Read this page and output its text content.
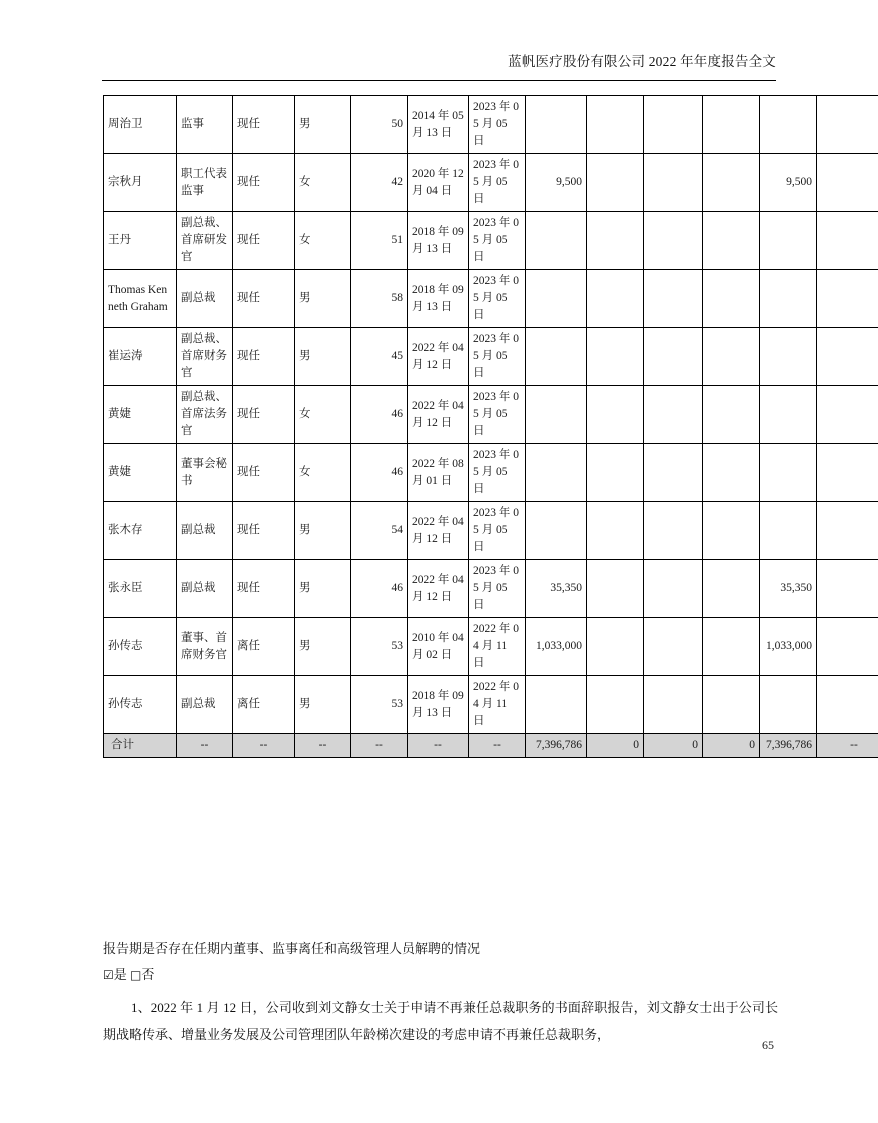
蓝帆医疗股份有限公司 2022 年年度报告全文
周治卫	监事	现任	男	50	2014 年 05 月 13 日	2023 年 05 月 05 日						
宗秋月	职工代表监事	现任	女	42	2020 年 12 月 04 日	2023 年 05 月 05 日	9,500				9,500	
王丹	副总裁、首席研发官	现任	女	51	2018 年 09 月 13 日	2023 年 05 月 05 日						
Thomas Kenneth Graham	副总裁	现任	男	58	2018 年 09 月 13 日	2023 年 05 月 05 日						
崔运涛	副总裁、首席财务官	现任	男	45	2022 年 04 月 12 日	2023 年 05 月 05 日						
黄婕	副总裁、首席法务官	现任	女	46	2022 年 04 月 12 日	2023 年 05 月 05 日						
黄婕	董事会秘书	现任	女	46	2022 年 08 月 01 日	2023 年 05 月 05 日						
张木存	副总裁	现任	男	54	2022 年 04 月 12 日	2023 年 05 月 05 日						
张永臣	副总裁	现任	男	46	2022 年 04 月 12 日	2023 年 05 月 05 日	35,350				35,350	
孙传志	董事、首席财务官	离任	男	53	2010 年 04 月 02 日	2022 年 04 月 11 日	1,033,000				1,033,000	
孙传志	副总裁	离任	男	53	2018 年 09 月 13 日	2022 年 04 月 11 日						
合计	--	--	--	--	--	--	7,396,786	0	0	0	7,396,786	--
报告期是否存在任期内董事、监事离任和高级管理人员解聘的情况
☑是 □否
1、2022 年 1 月 12 日，公司收到刘文静女士关于申请不再兼任总裁职务的书面辞职报告，刘文静女士出于公司长期战略传承、增量业务发展及公司管理团队年龄梯次建设的考虑申请不再兼任总裁职务，
65
